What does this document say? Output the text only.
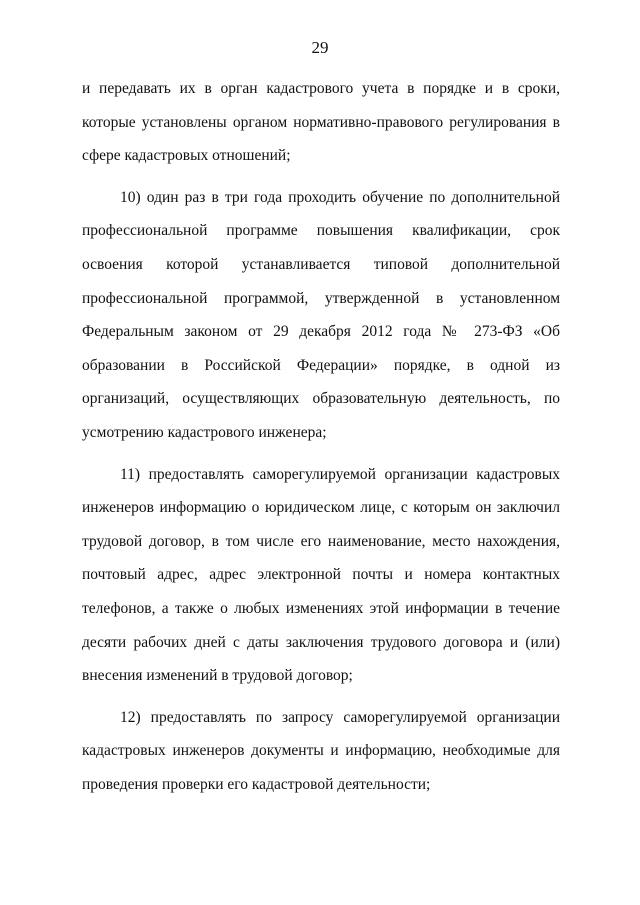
29

и передавать их в орган кадастрового учета в порядке и в сроки, которые установлены органом нормативно-правового регулирования в сфере кадастровых отношений;

10) один раз в три года проходить обучение по дополнительной профессиональной программе повышения квалификации, срок освоения которой устанавливается типовой дополнительной профессиональной программой, утвержденной в установленном Федеральным законом от 29 декабря 2012 года № 273-ФЗ «Об образовании в Российской Федерации» порядке, в одной из организаций, осуществляющих образовательную деятельность, по усмотрению кадастрового инженера;

11) предоставлять саморегулируемой организации кадастровых инженеров информацию о юридическом лице, с которым он заключил трудовой договор, в том числе его наименование, место нахождения, почтовый адрес, адрес электронной почты и номера контактных телефонов, а также о любых изменениях этой информации в течение десяти рабочих дней с даты заключения трудового договора и (или) внесения изменений в трудовой договор;

12) предоставлять по запросу саморегулируемой организации кадастровых инженеров документы и информацию, необходимые для проведения проверки его кадастровой деятельности;
